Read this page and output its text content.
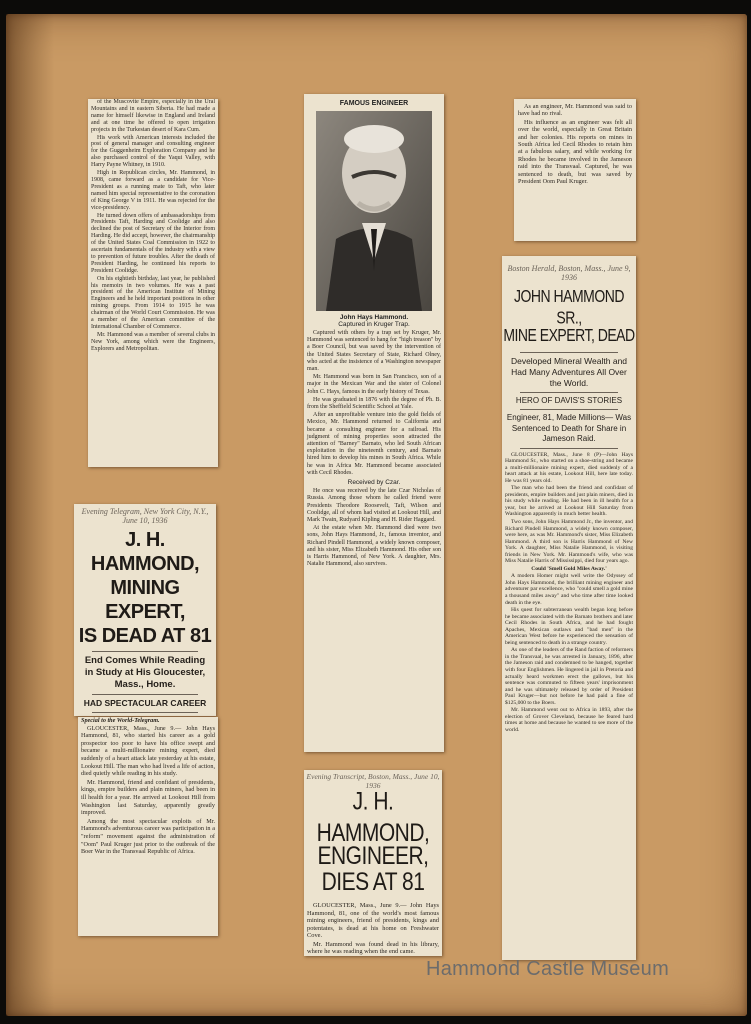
of the Muscovite Empire, especially in the Ural Mountains and in eastern Siberia. He had made a name for himself likewise in England and Ireland and at one time he offered to open irrigation projects in the Turkestan desert of Kara Cum.

His work with American interests included the post of general manager and consulting engineer for the Guggenheim Exploration Company and he also purchased control of the Yaqui Valley, with Harry Payne Whitney, in 1910.

High in Republican circles, Mr. Hammond, in 1908, came forward as a candidate for Vice-President as a running mate to Taft, who later named him special representative to the coronation of King George V in 1911. He was rejected for the vice-presidency.

He turned down offers of ambassadorships from Presidents Taft, Harding and Coolidge and also declined the post of Secretary of the Interior from Harding. He did accept, however, the chairmanship of the United States Coal Commission in 1922 to ascertain fundamentals of the industry with a view to prevention of future troubles. After the death of President Harding, he continued his reports to President Coolidge.

On his eightieth birthday, last year, he published his memoirs in two volumes. He was a past president of the American Institute of Mining Engineers and he held important positions in other mining groups. From 1914 to 1915 he was chairman of the World Court Commission. He was a member of the American committee of the International Chamber of Commerce.

Mr. Hammond was a member of several clubs in New York, among which were the Engineers, Explorers and Metropolitan.

Evening Telegram, New York City, N.Y., June 10, 1936
J. H. HAMMOND,
MINING EXPERT,
IS DEAD AT 81
End Comes While Reading in Study at His Gloucester, Mass., Home.
HAD SPECTACULAR CAREER
Special to the World-Telegram.

GLOUCESTER, Mass., June 9.— John Hays Hammond, 81, who started his career as a gold prospector too poor to have his office swept and became a multi-millionaire mining expert, died suddenly of a heart attack late yesterday at his estate, Lookout Hill. The man who had lived a life of action, died quietly while reading in his study.

Mr. Hammond, friend and confidant of presidents, kings, empire builders and plain miners, had been in ill health for a year. He arrived at Lookout Hill from Washington last Saturday, apparently greatly improved.

Among the most spectacular exploits of Mr. Hammond's adventurous career was participation in a "reform" movement against the administration of "Oom" Paul Kruger just prior to the outbreak of the Boer War in the Transvaal Republic of Africa.

FAMOUS ENGINEER
John Hays Hammond.
Captured in Kruger Trap.

Captured with others by a trap set by Kruger, Mr. Hammond was sentenced to hang for "high treason" by a Boer Council, but was saved by the intervention of the United States Secretary of State, Richard Olney, who acted at the insistence of a Washington newspaper man.

Mr. Hammond was born in San Francisco, son of a major in the Mexican War and the sister of Colonel John C. Hays, famous in the early history of Texas.

He was graduated in 1876 with the degree of Ph. B. from the Sheffield Scientific School at Yale.

After an unprofitable venture into the gold fields of Mexico, Mr. Hammond returned to California and became a consulting engineer for a railroad. His judgment of mining properties soon attracted the attention of "Barney" Barnato, who led South African exploitation in the nineteenth century, and Barnato hired him to develop his mines in South Africa. While he was in Africa Mr. Hammond became associated with Cecil Rhodes.

Received by Czar.

He once was received by the late Czar Nicholas of Russia. Among those whom he called friend were Presidents Theodore Roosevelt, Taft, Wilson and Coolidge, all of whom had visited at Lookout Hill, and Mark Twain, Rudyard Kipling and H. Rider Haggard.

At the estate when Mr. Hammond died were two sons, John Hays Hammond, Jr., famous inventor, and Richard Pindell Hammond, a widely known composer, and his sister, Miss Elizabeth Hammond. His other son is Harris Hammond, of New York. A daughter, Mrs. Natalie Hammond, also survives.

Evening Transcript, Boston, Mass., June 10, 1936
J. H. HAMMOND,
ENGINEER,
DIES AT 81

GLOUCESTER, Mass., June 9.— John Hays Hammond, 81, one of the world's most famous mining engineers, friend of presidents, kings and potentates, is dead at his home on Freshwater Cove.

Mr. Hammond was found dead in his library, where he was reading when the end came.

As an engineer, Mr. Hammond was said to have had no rival.

His influence as an engineer was felt all over the world, especially in Great Britain and her colonies. His reports on mines in South Africa led Cecil Rhodes to retain him at a fabulous salary, and while working for Rhodes he became involved in the Jameson raid into the Transvaal. Captured, he was sentenced to death, but was saved by President Oom Paul Kruger.

Boston Herald, Boston, Mass., June 9, 1936
JOHN HAMMOND SR.,
MINE EXPERT, DEAD
Developed Mineral Wealth and Had Many Adventures All Over the World.
HERO OF DAVIS'S STORIES
Engineer, 81, Made Millions— Was Sentenced to Death for Share in Jameson Raid.

GLOUCESTER, Mass., June 8 (P)—John Hays Hammond Sr., who started on a shoe-string and became a multi-millionaire mining expert, died suddenly of a heart attack at his estate, Lookout Hill, here late today. He was 81 years old.

The man who had been the friend and confidant of presidents, empire builders and just plain miners, died in his study while reading. He had been in ill health for a year, but he arrived at Lookout Hill Saturday from Washington apparently in much better health.

Two sons, John Hays Hammond Jr., the inventor, and Richard Pindell Hammond, a widely known composer, were here, as was Mr. Hammond's sister, Miss Elizabeth Hammond. A third son is Harris Hammond of New York. A daughter, Miss Natalie Hammond, is visiting friends in New York. Mr. Hammond's wife, who was Miss Natalie Harris of Mississippi, died four years ago.

Could 'Smell Gold Miles Away.'

A modern Homer might well write the Odyssey of John Hays Hammond, the brilliant mining engineer and adventurer par excellence, who "could smell a gold mine a thousand miles away" and who time after time looked death in the eye.

His quest for subterranean wealth began long before he became associated with the Barnato brothers and later Cecil Rhodes in South Africa, and he had fought Apaches, Mexican outlaws and "bad men" in the American West before he experienced the sensation of being sentenced to death in a strange country.

As one of the leaders of the Rand faction of reformers in the Transvaal, he was arrested in January, 1896, after the Jameson raid and condemned to be hanged, together with four Englishmen. He lingered in jail in Pretoria and actually heard workmen erect the gallows, but his sentence was commuted to fifteen years' imprisonment and he was ultimately released by order of President Paul Kruger—but not before he had paid a fine of $125,000 to the Boers.

Mr. Hammond went out to Africa in 1893, after the election of Grover Cleveland, because he feared hard times at home and because he wanted to see more of the world.

Hammond Castle Museum
